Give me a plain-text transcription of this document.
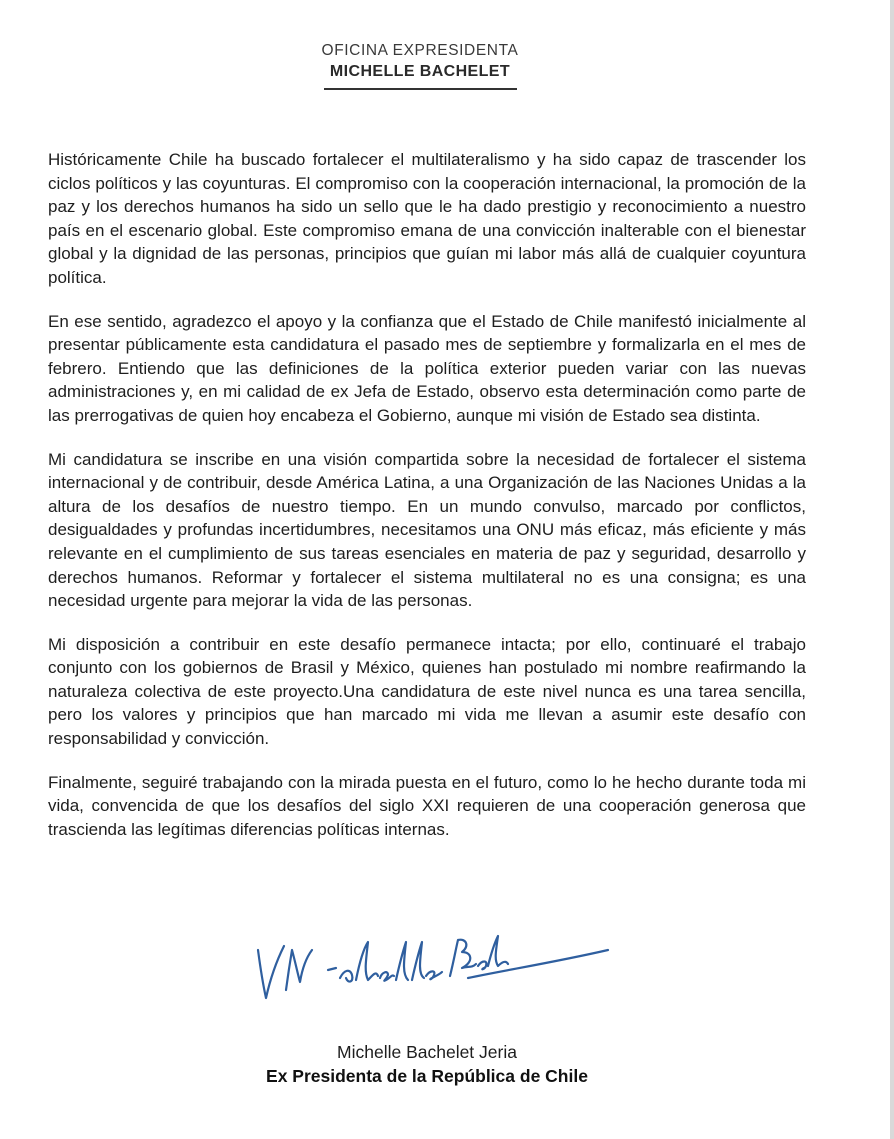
OFICINA EXPRESIDENTA
MICHELLE BACHELET

Históricamente Chile ha buscado fortalecer el multilateralismo y ha sido capaz de trascender los ciclos políticos y las coyunturas. El compromiso con la cooperación internacional, la promoción de la paz y los derechos humanos ha sido un sello que le ha dado prestigio y reconocimiento a nuestro país en el escenario global. Este compromiso emana de una convicción inalterable con el bienestar global y la dignidad de las personas, principios que guían mi labor más allá de cualquier coyuntura política.

En ese sentido, agradezco el apoyo y la confianza que el Estado de Chile manifestó inicialmente al presentar públicamente esta candidatura el pasado mes de septiembre y formalizarla en el mes de febrero. Entiendo que las definiciones de la política exterior pueden variar con las nuevas administraciones y, en mi calidad de ex Jefa de Estado, observo esta determinación como parte de las prerrogativas de quien hoy encabeza el Gobierno, aunque mi visión de Estado sea distinta.

Mi candidatura se inscribe en una visión compartida sobre la necesidad de fortalecer el sistema internacional y de contribuir, desde América Latina, a una Organización de las Naciones Unidas a la altura de los desafíos de nuestro tiempo. En un mundo convulso, marcado por conflictos, desigualdades y profundas incertidumbres, necesitamos una ONU más eficaz, más eficiente y más relevante en el cumplimiento de sus tareas esenciales en materia de paz y seguridad, desarrollo y derechos humanos. Reformar y fortalecer el sistema multilateral no es una consigna; es una necesidad urgente para mejorar la vida de las personas.

Mi disposición a contribuir en este desafío permanece intacta; por ello, continuaré el trabajo conjunto con los gobiernos de Brasil y México, quienes han postulado mi nombre reafirmando la naturaleza colectiva de este proyecto.Una candidatura de este nivel nunca es una tarea sencilla, pero los valores y principios que han marcado mi vida me llevan a asumir este desafío con responsabilidad y convicción.

Finalmente, seguiré trabajando con la mirada puesta en el futuro, como lo he hecho durante toda mi vida, convencida de que los desafíos del siglo XXI requieren de una cooperación generosa que trascienda las legítimas diferencias políticas internas.

Michelle Bachelet Jeria
Ex Presidenta de la República de Chile
